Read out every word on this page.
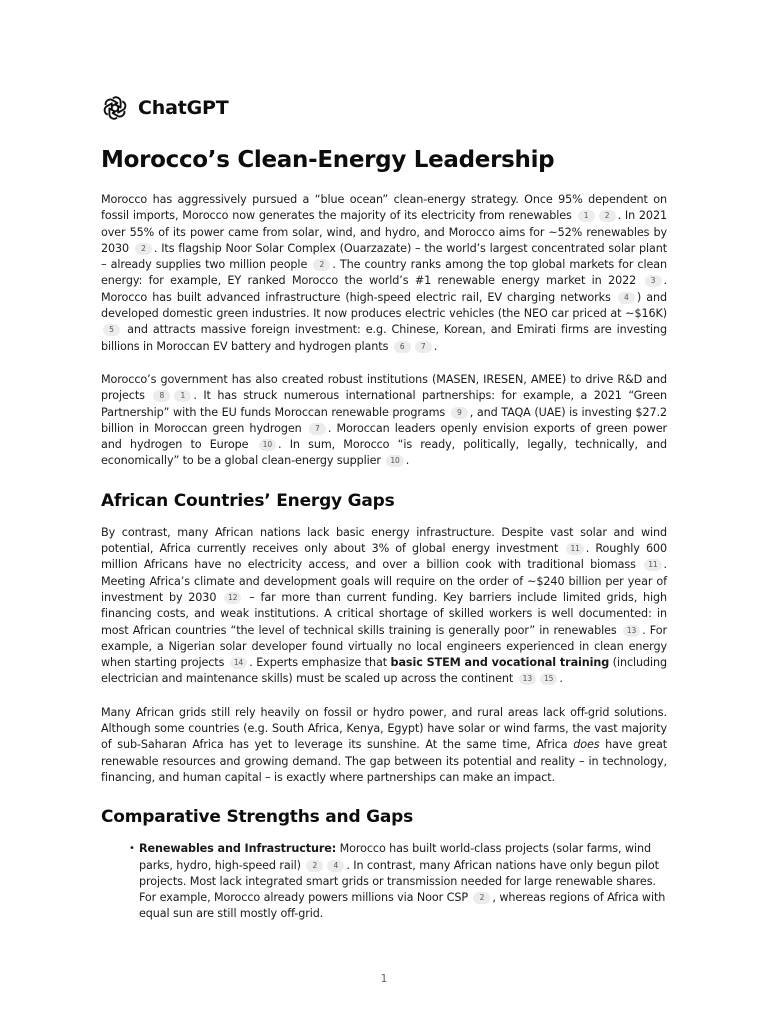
ChatGPT
Morocco’s Clean-Energy Leadership

Morocco has aggressively pursued a “blue ocean” clean-energy strategy. Once 95% dependent on fossil imports, Morocco now generates the majority of its electricity from renewables 1 2 . In 2021 over 55% of its power came from solar, wind, and hydro, and Morocco aims for ~52% renewables by 2030 2 . Its flagship Noor Solar Complex (Ouarzazate) – the world’s largest concentrated solar plant – already supplies two million people 2 . The country ranks among the top global markets for clean energy: for example, EY ranked Morocco the world’s #1 renewable energy market in 2022 3 . Morocco has built advanced infrastructure (high-speed electric rail, EV charging networks 4 ) and developed domestic green industries. It now produces electric vehicles (the NEO car priced at ~$16K) 5 and attracts massive foreign investment: e.g. Chinese, Korean, and Emirati firms are investing billions in Moroccan EV battery and hydrogen plants 6 7 .

Morocco’s government has also created robust institutions (MASEN, IRESEN, AMEE) to drive R&D and projects 8 1 . It has struck numerous international partnerships: for example, a 2021 “Green Partnership” with the EU funds Moroccan renewable programs 9 , and TAQA (UAE) is investing $27.2 billion in Moroccan green hydrogen 7 . Moroccan leaders openly envision exports of green power and hydrogen to Europe 10 . In sum, Morocco “is ready, politically, legally, technically, and economically” to be a global clean-energy supplier 10 .

African Countries’ Energy Gaps

By contrast, many African nations lack basic energy infrastructure. Despite vast solar and wind potential, Africa currently receives only about 3% of global energy investment 11 . Roughly 600 million Africans have no electricity access, and over a billion cook with traditional biomass 11 . Meeting Africa’s climate and development goals will require on the order of ~$240 billion per year of investment by 2030 12 – far more than current funding. Key barriers include limited grids, high financing costs, and weak institutions. A critical shortage of skilled workers is well documented: in most African countries “the level of technical skills training is generally poor” in renewables 13 . For example, a Nigerian solar developer found virtually no local engineers experienced in clean energy when starting projects 14 . Experts emphasize that basic STEM and vocational training (including electrician and maintenance skills) must be scaled up across the continent 13 15 .

Many African grids still rely heavily on fossil or hydro power, and rural areas lack off-grid solutions. Although some countries (e.g. South Africa, Kenya, Egypt) have solar or wind farms, the vast majority of sub-Saharan Africa has yet to leverage its sunshine. At the same time, Africa does have great renewable resources and growing demand. The gap between its potential and reality – in technology, financing, and human capital – is exactly where partnerships can make an impact.

Comparative Strengths and Gaps
• Renewables and Infrastructure: Morocco has built world-class projects (solar farms, wind parks, hydro, high-speed rail) 2 4 . In contrast, many African nations have only begun pilot projects. Most lack integrated smart grids or transmission needed for large renewable shares. For example, Morocco already powers millions via Noor CSP 2 , whereas regions of Africa with equal sun are still mostly off-grid.
1
